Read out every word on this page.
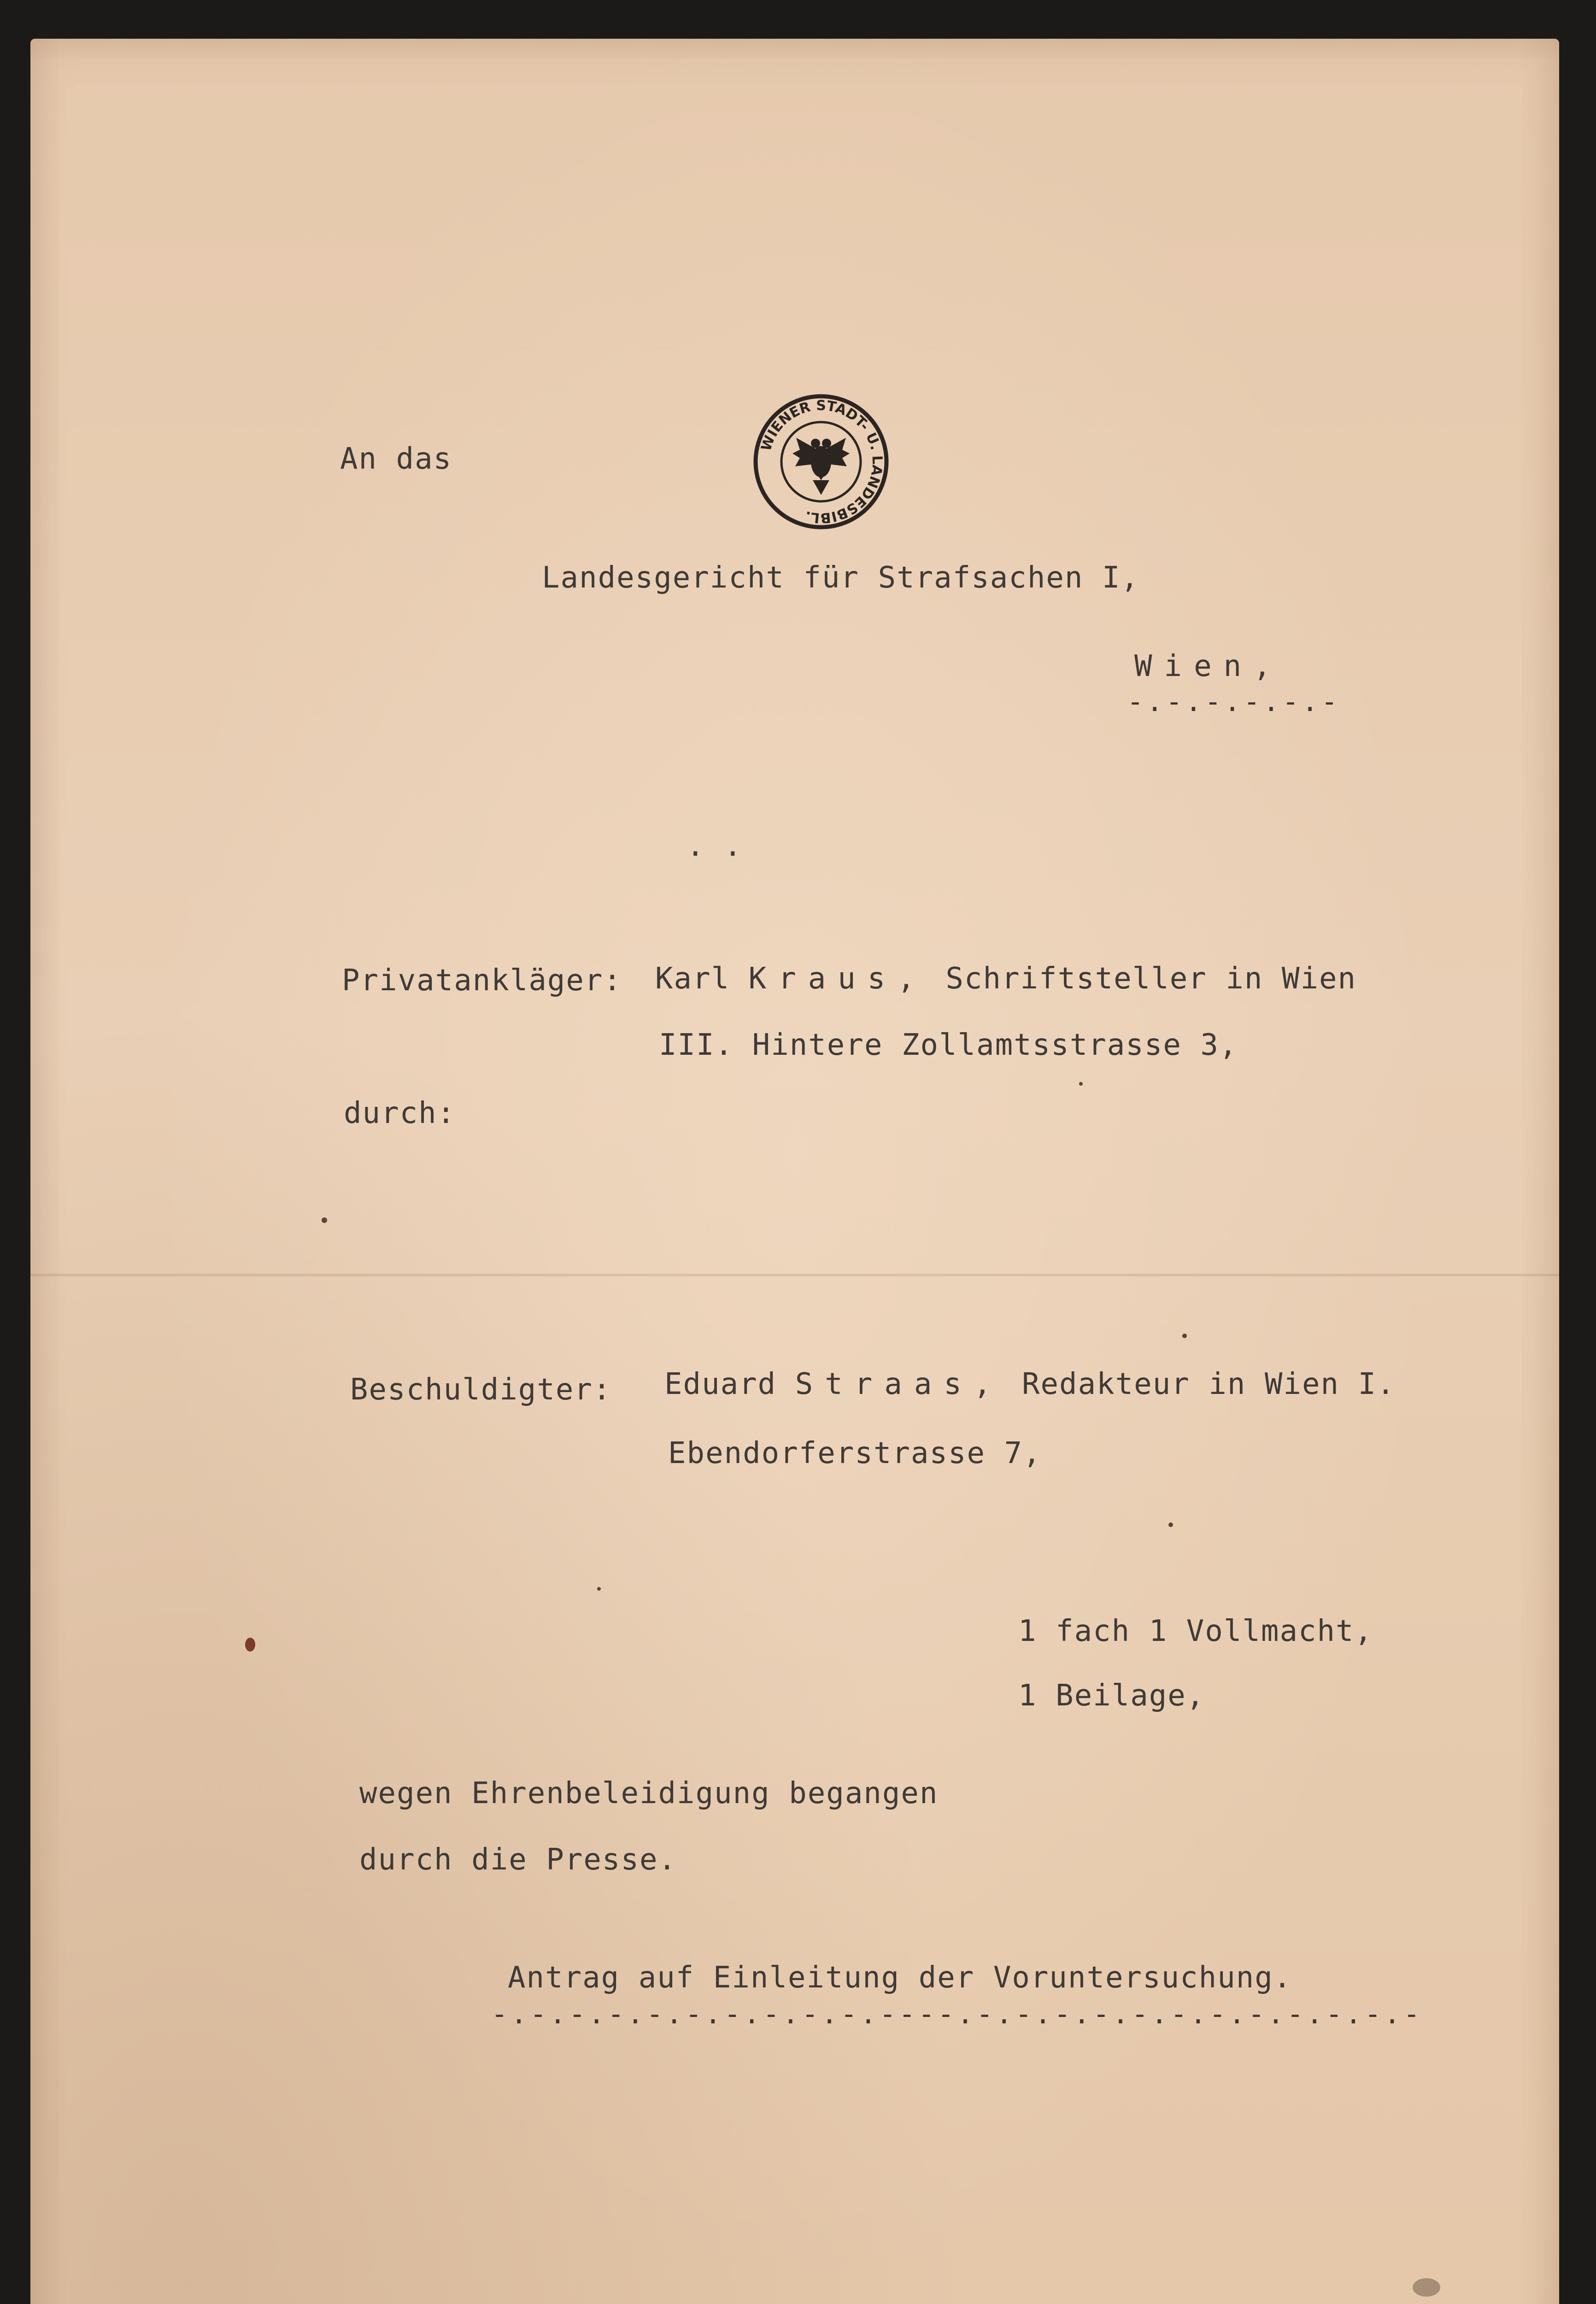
WIENER STADT- U. LANDESBIBL.
An das
Landesgericht für Strafsachen I,
Wien,
-.-.-.-.-.-
. .
Privatankläger: Karl Kraus, Schriftsteller in Wien
III. Hintere Zollamtsstrasse 3,
durch:
Beschuldigter: Eduard Straas, Redakteur in Wien I.
Ebendorferstrasse 7,
1 fach 1 Vollmacht,
1 Beilage,
wegen Ehrenbeleidigung begangen
durch die Presse.
Antrag auf Einleitung der Voruntersuchung.
-.-.-.-.-.-.-.-.-.-.----.-.-.-.-.-.-.-.-.-.-.-.-
